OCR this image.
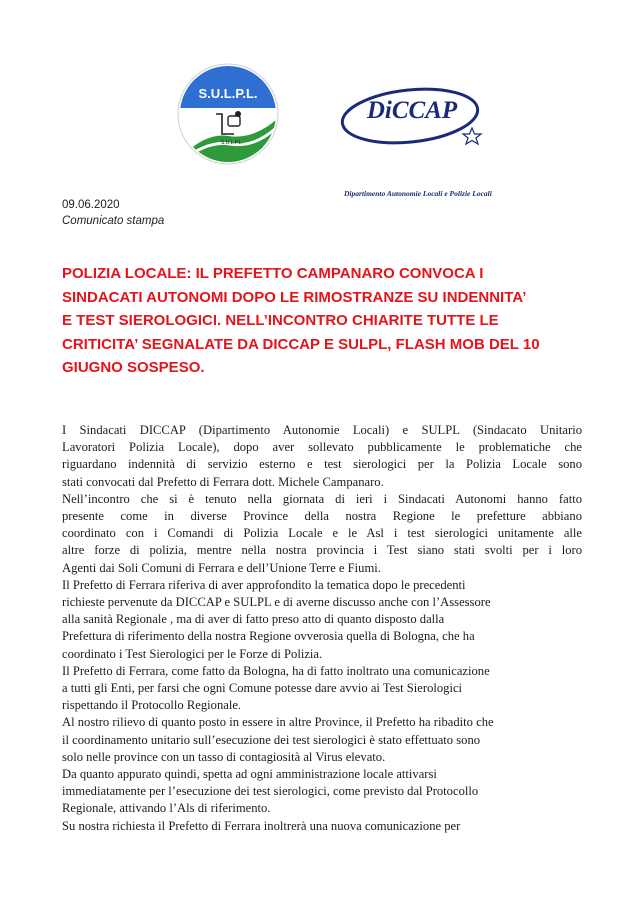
S.U.L.P.L.
S.U.L.P.L.
DiCCAP
Dipartimento Autonomie Locali e Polizie Locali
09.06.2020
Comunicato stampa
POLIZIA LOCALE: IL PREFETTO CAMPANARO CONVOCA I
SINDACATI AUTONOMI DOPO LE RIMOSTRANZE SU INDENNITA’
E TEST SIEROLOGICI. NELL’INCONTRO CHIARITE TUTTE LE
CRITICITA’ SEGNALATE DA DICCAP E SULPL, FLASH MOB DEL 10
GIUGNO SOSPESO.
I Sindacati DICCAP (Dipartimento Autonomie Locali) e SULPL (Sindacato Unitario
Lavoratori Polizia Locale), dopo aver sollevato pubblicamente le problematiche che
riguardano indennità di servizio esterno e test sierologici per la Polizia Locale sono
stati convocati dal Prefetto di Ferrara dott. Michele Campanaro.
Nell’incontro che si è tenuto nella giornata di ieri i Sindacati Autonomi hanno fatto
presente come in diverse Province della nostra Regione le prefetture abbiano
coordinato con i Comandi di Polizia Locale e le Asl i test sierologici unitamente alle
altre forze di polizia, mentre nella nostra provincia i Test siano stati svolti per i loro
Agenti dai Soli Comuni di Ferrara e dell’Unione Terre e Fiumi.
Il Prefetto di Ferrara riferiva di aver approfondito la tematica dopo le precedenti
richieste pervenute da DICCAP e SULPL e di averne discusso anche con l’Assessore
alla sanità Regionale , ma di aver di fatto preso atto di quanto disposto dalla
Prefettura di riferimento della nostra Regione ovverosia quella di Bologna, che ha
coordinato i Test Sierologici per le Forze di Polizia.
Il Prefetto di Ferrara, come fatto da Bologna, ha di fatto inoltrato una comunicazione
a tutti gli Enti, per farsi che ogni Comune potesse dare avvio ai Test Sierologici
rispettando il Protocollo Regionale.
Al nostro rilievo di quanto posto in essere in altre Province, il Prefetto ha ribadito che
il coordinamento unitario sull’esecuzione dei test sierologici è stato effettuato sono
solo nelle province con un tasso di contagiosità al Virus elevato.
Da quanto appurato quindi, spetta ad ogni amministrazione locale attivarsi
immediatamente per l’esecuzione dei test sierologici, come previsto dal Protocollo
Regionale, attivando l’Als di riferimento.
Su nostra richiesta il Prefetto di Ferrara inoltrerà una nuova comunicazione per
